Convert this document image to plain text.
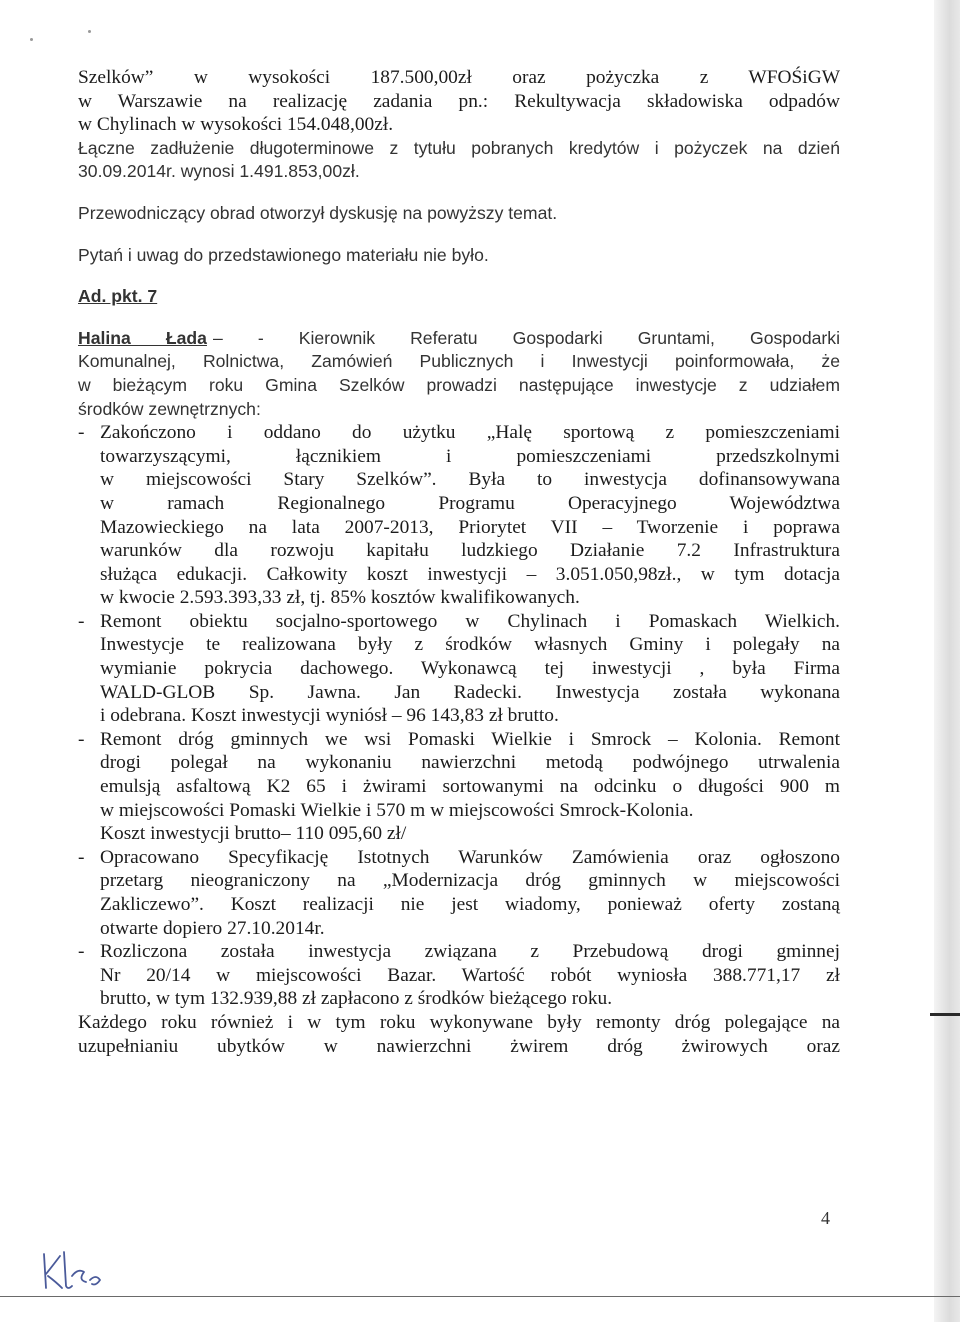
Szelków” w wysokości 187.500,00zł oraz pożyczka z WFOŚiGW

w Warszawie na realizację zadania pn.: Rekultywacja składowiska odpadów

w Chylinach w wysokości 154.048,00zł.

Łączne zadłużenie długoterminowe z tytułu pobranych kredytów i pożyczek na dzień

30.09.2014r. wynosi 1.491.853,00zł.

Przewodniczący obrad otworzył dyskusję na powyższy temat.

Pytań i uwag do przedstawionego materiału nie było.

Ad. pkt. 7

Halina Łada – - Kierownik Referatu Gospodarki Gruntami, Gospodarki

Komunalnej, Rolnictwa, Zamówień Publicznych i Inwestycji poinformowała, że

w bieżącym roku Gmina Szelków prowadzi następujące inwestycje z udziałem

środków zewnętrznych:

- Zakończono i oddano do użytku „Halę sportową z pomieszczeniami

towarzyszącymi, łącznikiem i pomieszczeniami przedszkolnymi

w miejscowości Stary Szelków”. Była to inwestycja dofinansowywana

w ramach Regionalnego Programu Operacyjnego Województwa

Mazowieckiego na lata 2007-2013, Priorytet VII – Tworzenie i poprawa

warunków dla rozwoju kapitału ludzkiego Działanie 7.2 Infrastruktura

służąca edukacji. Całkowity koszt inwestycji – 3.051.050,98zł., w tym dotacja

w kwocie 2.593.393,33 zł, tj. 85% kosztów kwalifikowanych.

- Remont obiektu socjalno-sportowego w Chylinach i Pomaskach Wielkich.

Inwestycje te realizowana były z środków własnych Gminy i polegały na

wymianie pokrycia dachowego. Wykonawcą tej inwestycji , była Firma

WALD-GLOB Sp. Jawna. Jan Radecki. Inwestycja została wykonana

i odebrana. Koszt inwestycji wyniósł – 96 143,83 zł brutto.

- Remont dróg gminnych we wsi Pomaski Wielkie i Smrock – Kolonia. Remont

drogi polegał na wykonaniu nawierzchni metodą podwójnego utrwalenia

emulsją asfaltową K2 65 i żwirami sortowanymi na odcinku o długości 900 m

w miejscowości Pomaski Wielkie i 570 m w miejscowości Smrock-Kolonia.

Koszt inwestycji brutto– 110 095,60 zł/

- Opracowano Specyfikację Istotnych Warunków Zamówienia oraz ogłoszono

przetarg nieograniczony na „Modernizacja dróg gminnych w miejscowości

Zakliczewo”. Koszt realizacji nie jest wiadomy, ponieważ oferty zostaną

otwarte dopiero 27.10.2014r.

- Rozliczona została inwestycja związana z Przebudową drogi gminnej

Nr 20/14 w miejscowości Bazar. Wartość robót wyniosła 388.771,17 zł

brutto, w tym 132.939,88 zł zapłacono z środków bieżącego roku.

Każdego roku również i w tym roku wykonywane były remonty dróg polegające na

uzupełnianiu ubytków w nawierzchni żwirem dróg żwirowych oraz

4
